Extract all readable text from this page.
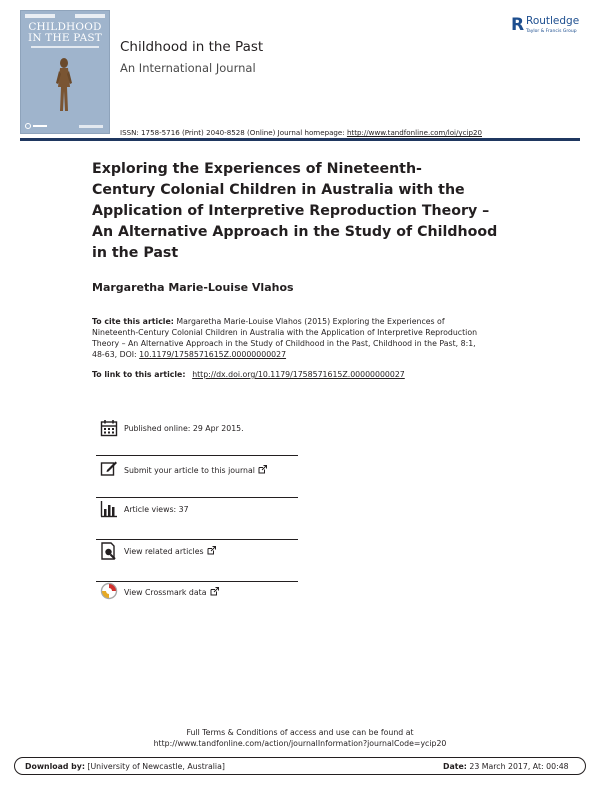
CHILDHOOD
IN THE PAST
Childhood in the Past
An International Journal
R Routledge
Taylor & Francis Group
ISSN: 1758-5716 (Print) 2040-8528 (Online) Journal homepage: http://www.tandfonline.com/loi/ycip20
Exploring the Experiences of Nineteenth-
Century Colonial Children in Australia with the
Application of Interpretive Reproduction Theory –
An Alternative Approach in the Study of Childhood
in the Past
Margaretha Marie-Louise Vlahos
To cite this article: Margaretha Marie-Louise Vlahos (2015) Exploring the Experiences of
Nineteenth-Century Colonial Children in Australia with the Application of Interpretive Reproduction
Theory – An Alternative Approach in the Study of Childhood in the Past, Childhood in the Past, 8:1,
48-63, DOI: 10.1179/1758571615Z.00000000027
To link to this article: http://dx.doi.org/10.1179/1758571615Z.00000000027
Published online: 29 Apr 2015.
Submit your article to this journal
Article views: 37
View related articles
View Crossmark data
Full Terms & Conditions of access and use can be found at
http://www.tandfonline.com/action/journalInformation?journalCode=ycip20
Download by: [University of Newcastle, Australia]	Date: 23 March 2017, At: 00:48
